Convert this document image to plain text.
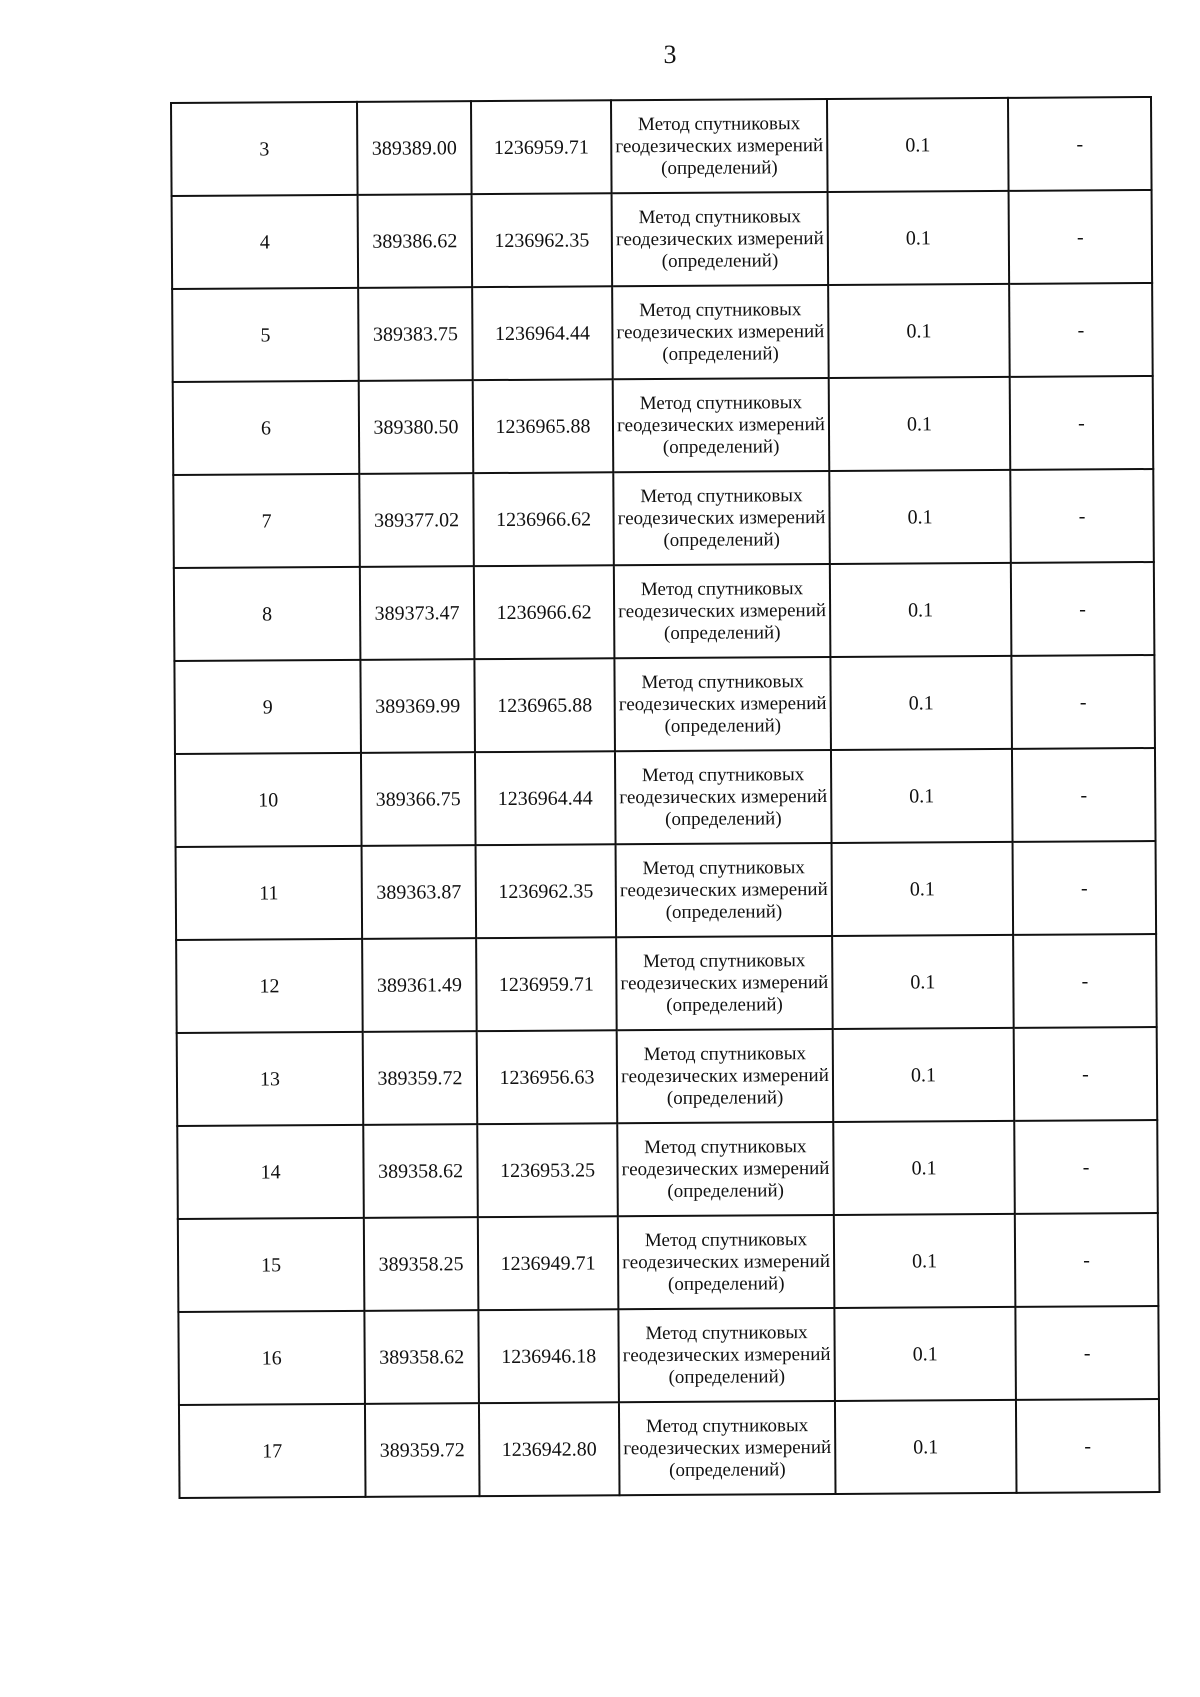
3
3	389389.00	1236959.71	Метод спутниковых геодезических измерений (определений)	0.1	-
4	389386.62	1236962.35	Метод спутниковых геодезических измерений (определений)	0.1	-
5	389383.75	1236964.44	Метод спутниковых геодезических измерений (определений)	0.1	-
6	389380.50	1236965.88	Метод спутниковых геодезических измерений (определений)	0.1	-
7	389377.02	1236966.62	Метод спутниковых геодезических измерений (определений)	0.1	-
8	389373.47	1236966.62	Метод спутниковых геодезических измерений (определений)	0.1	-
9	389369.99	1236965.88	Метод спутниковых геодезических измерений (определений)	0.1	-
10	389366.75	1236964.44	Метод спутниковых геодезических измерений (определений)	0.1	-
11	389363.87	1236962.35	Метод спутниковых геодезических измерений (определений)	0.1	-
12	389361.49	1236959.71	Метод спутниковых геодезических измерений (определений)	0.1	-
13	389359.72	1236956.63	Метод спутниковых геодезических измерений (определений)	0.1	-
14	389358.62	1236953.25	Метод спутниковых геодезических измерений (определений)	0.1	-
15	389358.25	1236949.71	Метод спутниковых геодезических измерений (определений)	0.1	-
16	389358.62	1236946.18	Метод спутниковых геодезических измерений (определений)	0.1	-
17	389359.72	1236942.80	Метод спутниковых геодезических измерений (определений)	0.1	-
